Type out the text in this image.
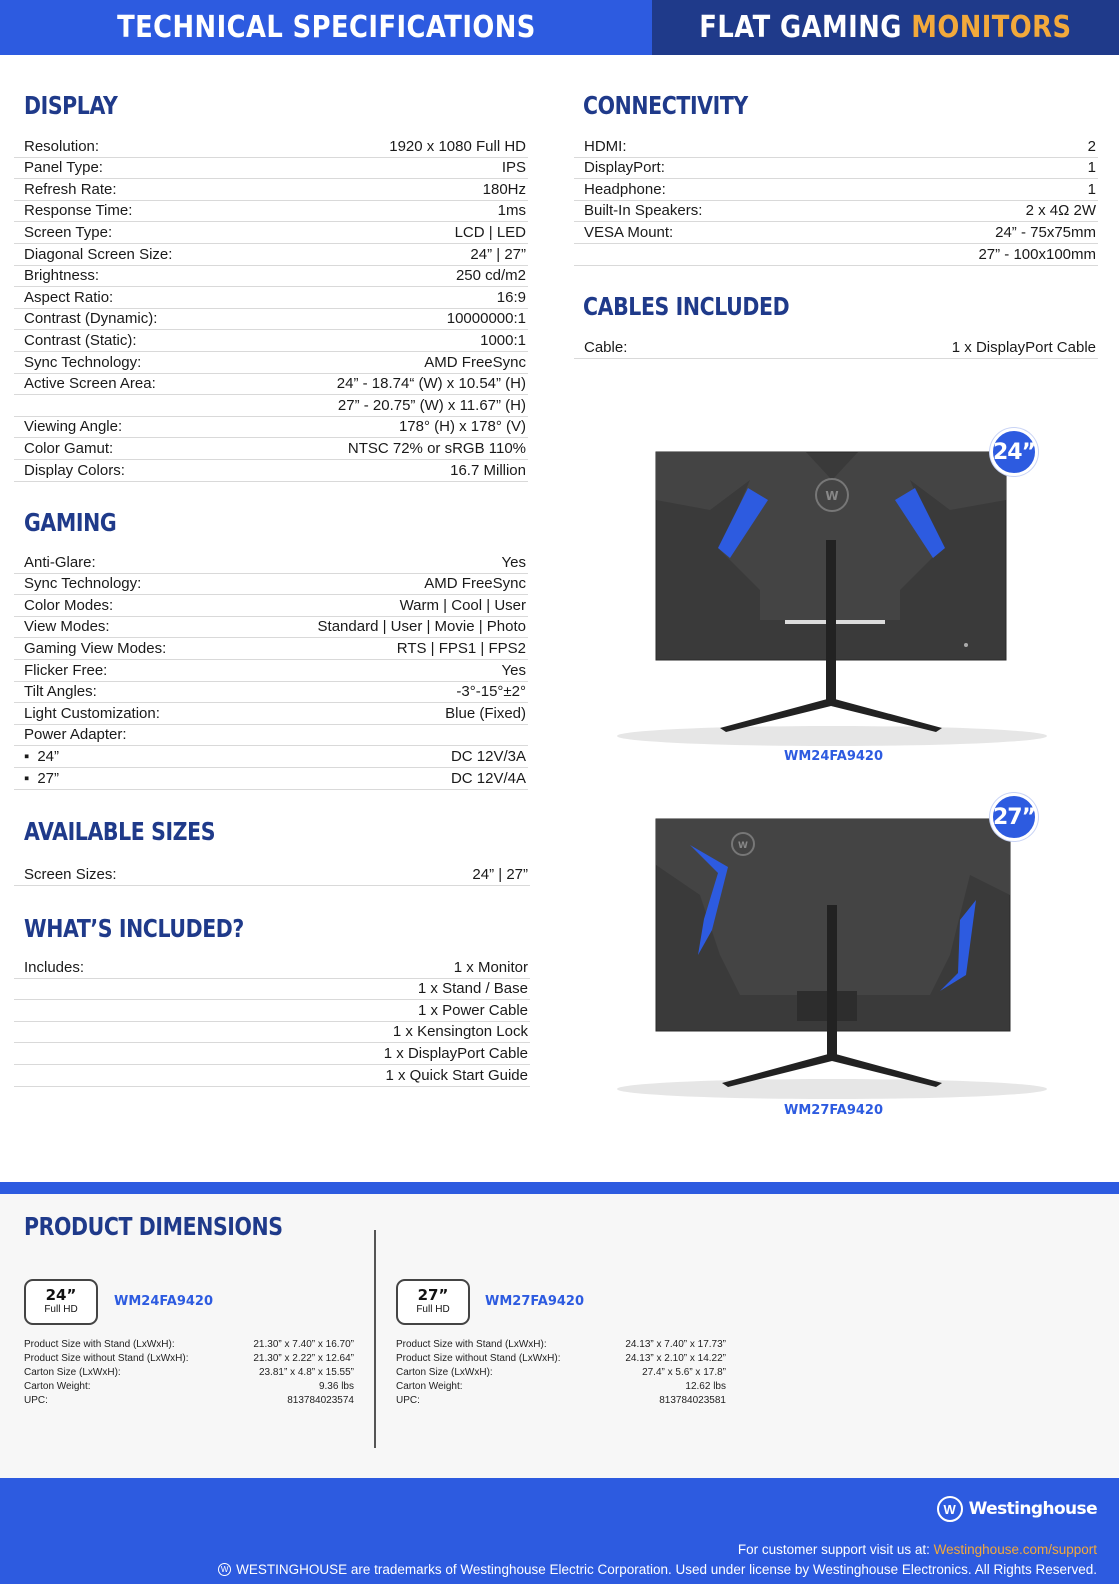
TECHNICAL SPECIFICATIONS	FLAT GAMING MONITORS
DISPLAY
Resolution:	1920 x 1080 Full HD
Panel Type:	IPS
Refresh Rate:	180Hz
Response Time:	1ms
Screen Type:	LCD | LED
Diagonal Screen Size:	24” | 27”
Brightness:	250 cd/m2
Aspect Ratio:	16:9
Contrast (Dynamic):	10000000:1
Contrast (Static):	1000:1
Sync Technology:	AMD FreeSync
Active Screen Area:	24” - 18.74“ (W) x 10.54” (H)
27” - 20.75” (W) x 11.67” (H)
Viewing Angle:	178° (H) x 178° (V)
Color Gamut:	NTSC 72% or sRGB 110%
Display Colors:	16.7 Million
GAMING
Anti-Glare:	Yes
Sync Technology:	AMD FreeSync
Color Modes:	Warm | Cool | User
View Modes:	Standard | User | Movie | Photo
Gaming View Modes:	RTS | FPS1 | FPS2
Flicker Free:	Yes
Tilt Angles:	-3°-15°±2°
Light Customization:	Blue (Fixed)
Power Adapter:
▪ 24”	DC 12V/3A
▪ 27”	DC 12V/4A
AVAILABLE SIZES
Screen Sizes:	24” | 27”
WHAT’S INCLUDED?
Includes:	1 x Monitor
1 x Stand / Base
1 x Power Cable
1 x Kensington Lock
1 x DisplayPort Cable
1 x Quick Start Guide
CONNECTIVITY
HDMI:	2
DisplayPort:	1
Headphone:	1
Built-In Speakers:	2 x 4Ω 2W
VESA Mount:	24” - 75x75mm
27” - 100x100mm
CABLES INCLUDED
Cable:	1 x DisplayPort Cable
W
24”
WM24FA9420
W
27”
WM27FA9420
PRODUCT DIMENSIONS
24”
Full HD
WM24FA9420
Product Size with Stand (LxWxH):	21.30” x 7.40” x 16.70”
Product Size without Stand (LxWxH):	21.30” x 2.22” x 12.64”
Carton Size (LxWxH):	23.81” x 4.8” x 15.55”
Carton Weight:	9.36 lbs
UPC:	813784023574
27”
Full HD
WM27FA9420
Product Size with Stand (LxWxH):	24.13” x 7.40” x 17.73”
Product Size without Stand (LxWxH):	24.13” x 2.10” x 14.22”
Carton Size (LxWxH):	27.4” x 5.6” x 17.8”
Carton Weight:	12.62 lbs
UPC:	813784023581
W Westinghouse
For customer support visit us at: Westinghouse.com/support
W WESTINGHOUSE are trademarks of Westinghouse Electric Corporation. Used under license by Westinghouse Electronics. All Rights Reserved.
